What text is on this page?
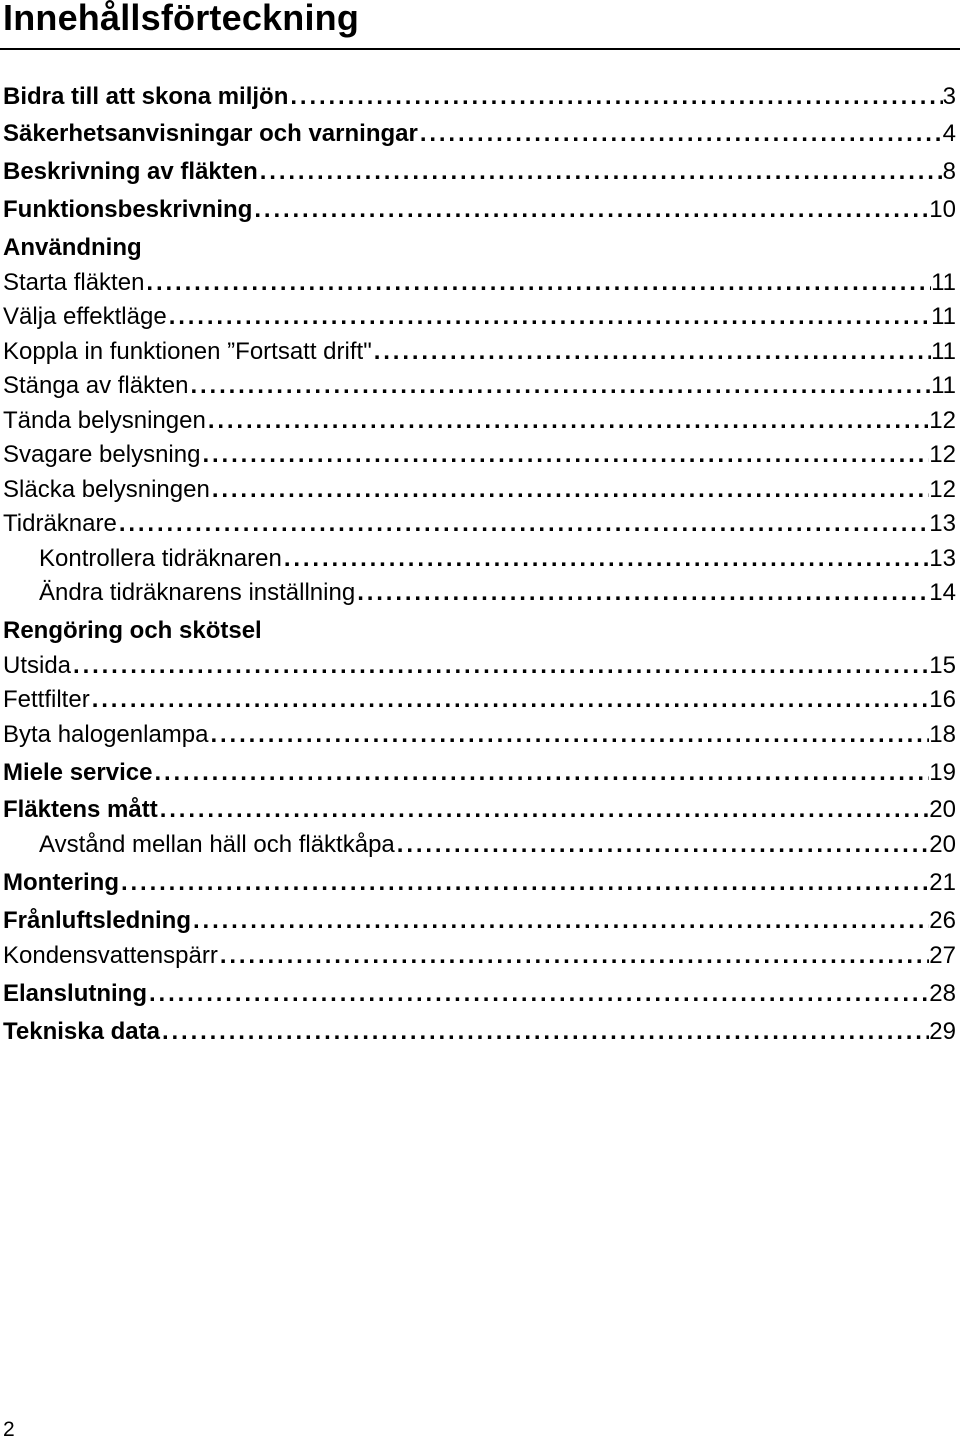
Innehållsförteckning
Bidra till att skona miljön . . .	3
Säkerhetsanvisningar och varningar . . .	4
Beskrivning av fläkten . . .	8
Funktionsbeskrivning . . .	10
Användning
Starta fläkten . . .	11
Välja effektläge . . .	11
Koppla in funktionen ”Fortsatt drift" . . .	11
Stänga av fläkten . . .	11
Tända belysningen . . .	12
Svagare belysning . . .	12
Släcka belysningen . . .	12
Tidräknare . . .	13
Kontrollera tidräknaren . . .	13
Ändra tidräknarens inställning . . .	14
Rengöring och skötsel
Utsida . . .	15
Fettfilter . . .	16
Byta halogenlampa . . .	18
Miele service . . .	19
Fläktens mått . . .	20
Avstånd mellan häll och fläktkåpa . . .	20
Montering . . .	21
Frånluftsledning . . .	26
Kondensvattenspärr . . .	27
Elanslutning . . .	28
Tekniska data . . .	29
2
